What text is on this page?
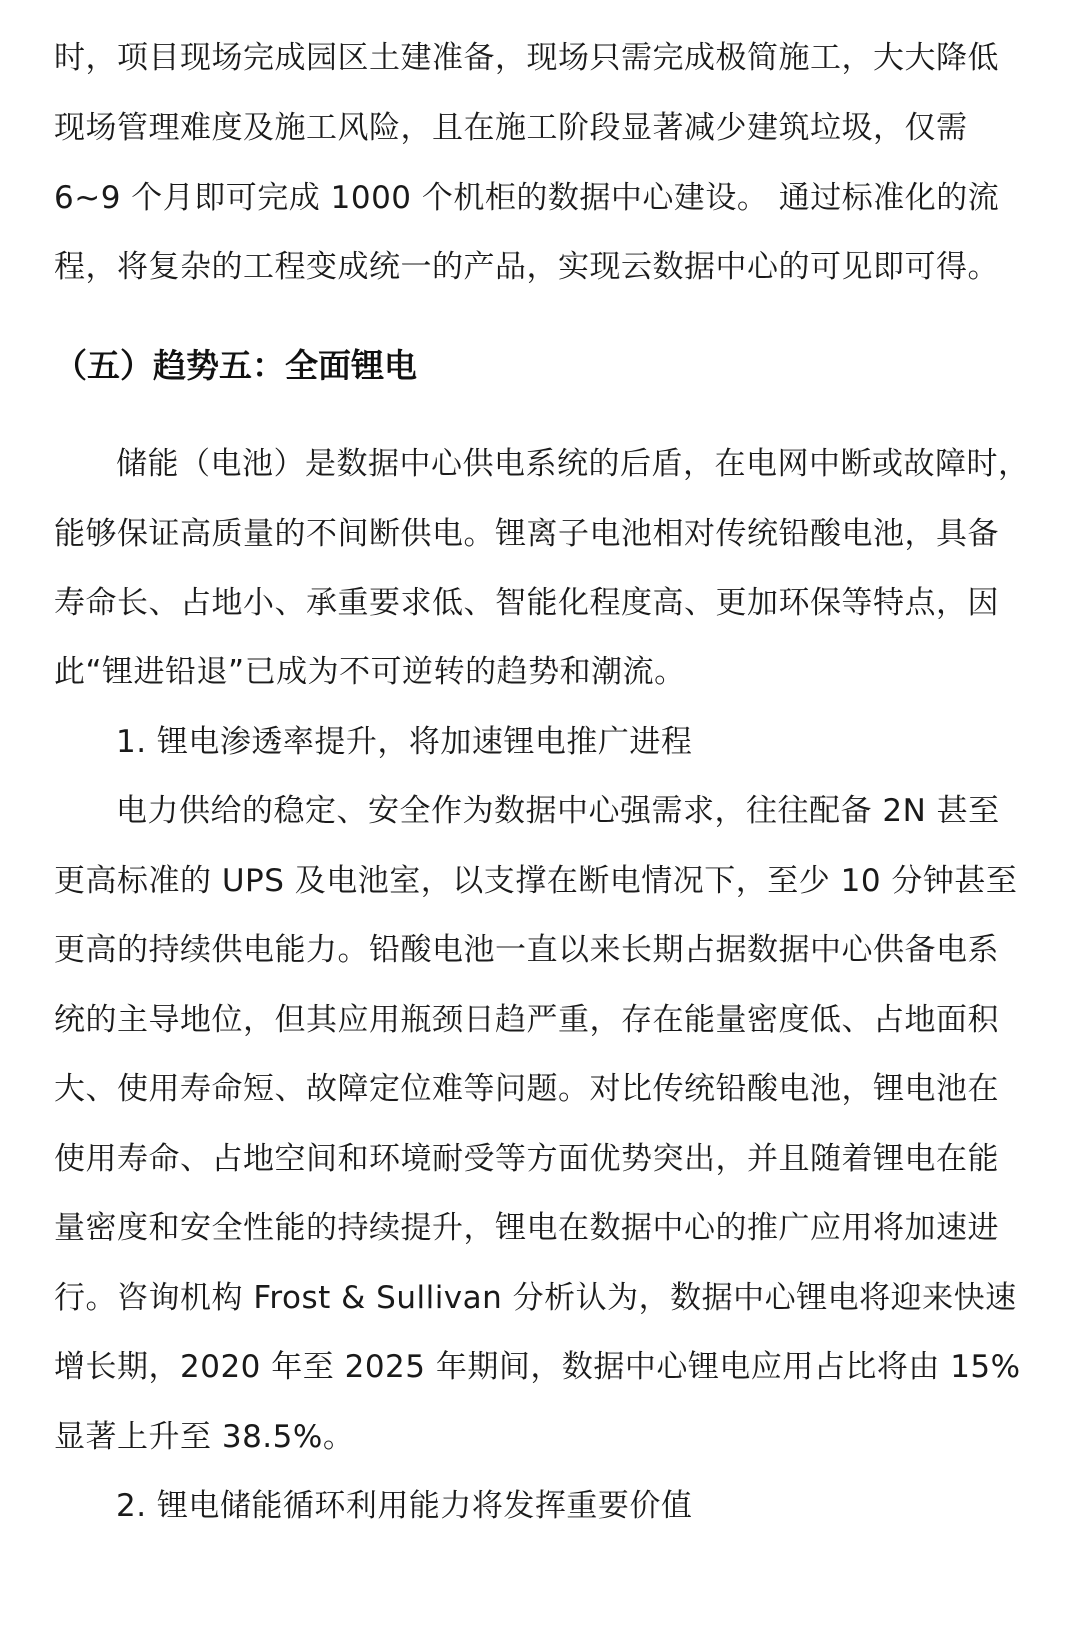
时，项目现场完成园区土建准备，现场只需完成极简施工，大大降低
现场管理难度及施工风险，且在施工阶段显著减少建筑垃圾，仅需
6~9 个月即可完成 1000 个机柜的数据中心建设。 通过标准化的流
程，将复杂的工程变成统一的产品，实现云数据中心的可见即可得。
（五）趋势五：全面锂电
储能（电池）是数据中心供电系统的后盾，在电网中断或故障时，
能够保证高质量的不间断供电。锂离子电池相对传统铅酸电池，具备
寿命长、占地小、承重要求低、智能化程度高、更加环保等特点，因
此“锂进铅退”已成为不可逆转的趋势和潮流。
1. 锂电渗透率提升，将加速锂电推广进程
电力供给的稳定、安全作为数据中心强需求，往往配备 2N 甚至
更高标准的 UPS 及电池室，以支撑在断电情况下，至少 10 分钟甚至
更高的持续供电能力。铅酸电池一直以来长期占据数据中心供备电系
统的主导地位，但其应用瓶颈日趋严重，存在能量密度低、占地面积
大、使用寿命短、故障定位难等问题。对比传统铅酸电池，锂电池在
使用寿命、占地空间和环境耐受等方面优势突出，并且随着锂电在能
量密度和安全性能的持续提升，锂电在数据中心的推广应用将加速进
行。咨询机构 Frost & Sullivan 分析认为，数据中心锂电将迎来快速
增长期，2020 年至 2025 年期间，数据中心锂电应用占比将由 15%
显著上升至 38.5%。
2. 锂电储能循环利用能力将发挥重要价值
